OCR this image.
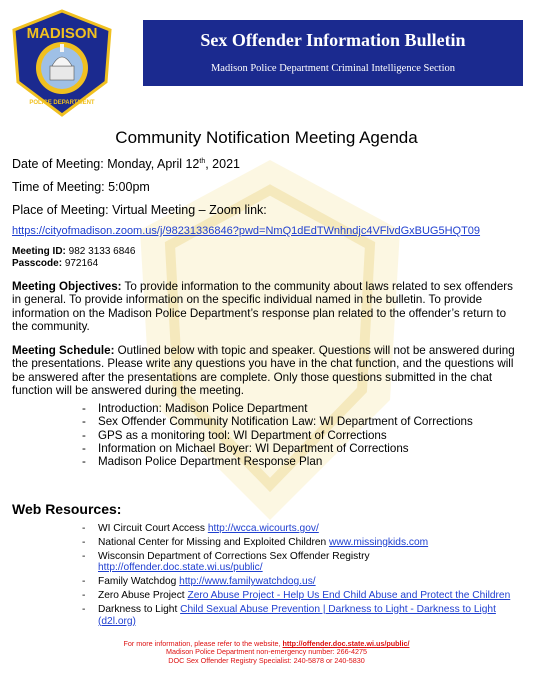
MADISON
POLICE DEPARTMENT
Sex Offender Information Bulletin
Madison Police Department Criminal Intelligence Section
Community Notification Meeting Agenda
Date of Meeting: Monday, April 12th, 2021
Time of Meeting: 5:00pm
Place of Meeting: Virtual Meeting – Zoom link:
https://cityofmadison.zoom.us/j/98231336846?pwd=NmQ1dEdTWnhndjc4VFlvdGxBUG5HQT09
Meeting ID: 982 3133 6846
Passcode: 972164
Meeting Objectives: To provide information to the community about laws related to sex offenders in general. To provide information on the specific individual named in the bulletin. To provide information on the Madison Police Department’s response plan related to the offender’s return to the community.
Meeting Schedule: Outlined below with topic and speaker. Questions will not be answered during the presentations. Please write any questions you have in the chat function, and the questions will be answered after the presentations are complete. Only those questions submitted in the chat function will be answered during the meeting.
- Introduction: Madison Police Department
- Sex Offender Community Notification Law: WI Department of Corrections
- GPS as a monitoring tool: WI Department of Corrections
- Information on Michael Boyer: WI Department of Corrections
- Madison Police Department Response Plan
Web Resources:
- WI Circuit Court Access http://wcca.wicourts.gov/
- National Center for Missing and Exploited Children www.missingkids.com
- Wisconsin Department of Corrections Sex Offender Registry http://offender.doc.state.wi.us/public/
- Family Watchdog http://www.familywatchdog.us/
- Zero Abuse Project Zero Abuse Project - Help Us End Child Abuse and Protect the Children
- Darkness to Light Child Sexual Abuse Prevention | Darkness to Light - Darkness to Light (d2l.org)
For more information, please refer to the website, http://offender.doc.state.wi.us/public/
Madison Police Department non-emergency number: 266-4275
DOC Sex Offender Registry Specialist: 240-5878 or 240-5830
